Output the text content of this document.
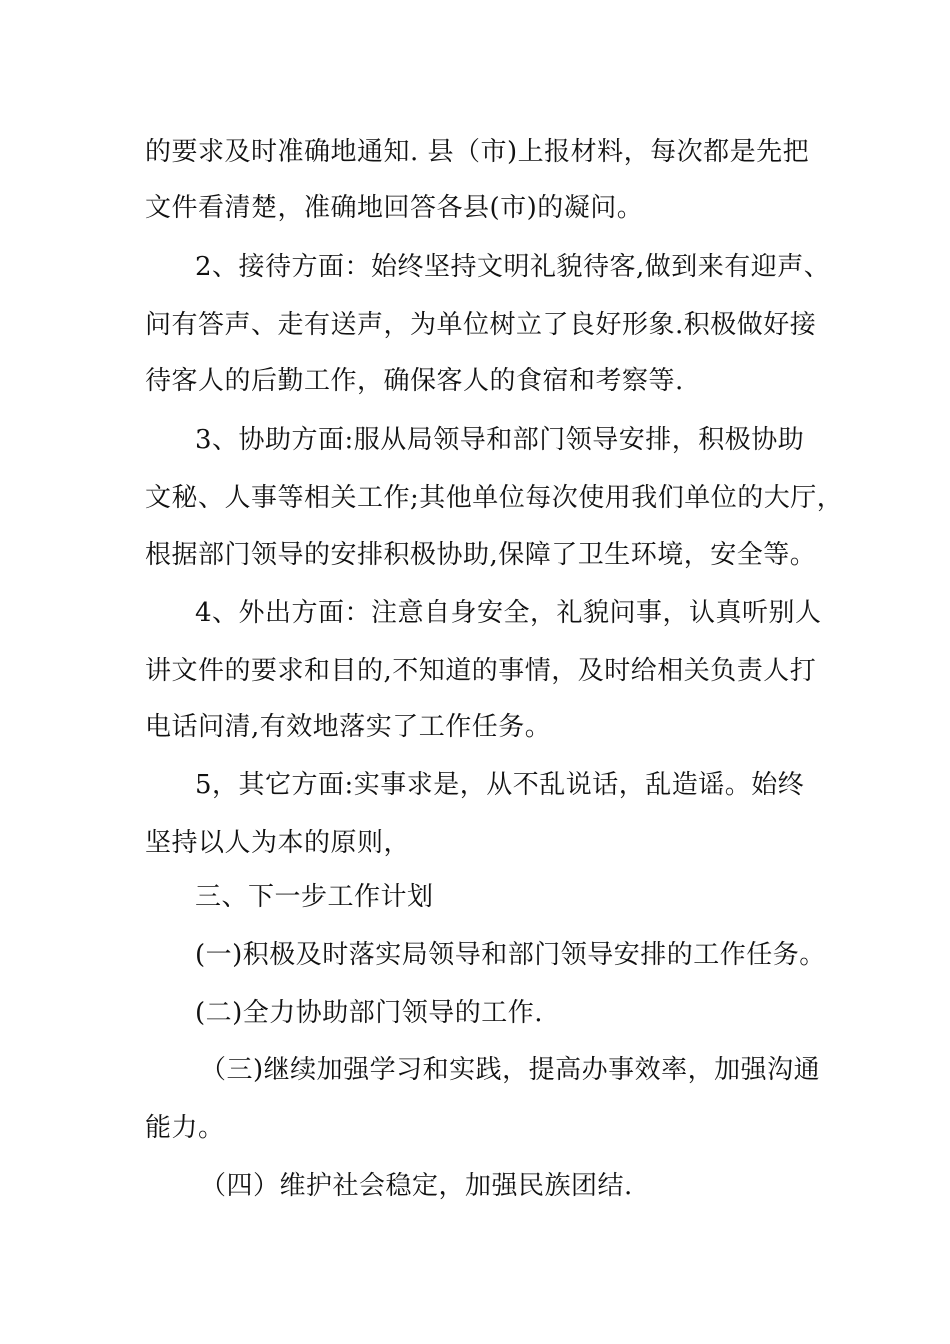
的要求及时准确地通知. 县（市)上报材料，每次都是先把
文件看清楚，准确地回答各县(市)的凝问。
2、接待方面：始终坚持文明礼貌待客,做到来有迎声、
问有答声、走有送声，为单位树立了良好形象.积极做好接
待客人的后勤工作，确保客人的食宿和考察等.
3、协助方面:服从局领导和部门领导安排，积极协助
文秘、人事等相关工作;其他单位每次使用我们单位的大厅，
根据部门领导的安排积极协助,保障了卫生环境，安全等。
4、外出方面：注意自身安全，礼貌问事，认真听别人
讲文件的要求和目的,不知道的事情，及时给相关负责人打
电话问清,有效地落实了工作任务。
5，其它方面:实事求是，从不乱说话，乱造谣。始终
坚持以人为本的原则，
三、下一步工作计划
(一)积极及时落实局领导和部门领导安排的工作任务。
(二)全力协助部门领导的工作.
（三)继续加强学习和实践，提高办事效率，加强沟通
能力。
（四）维护社会稳定，加强民族团结.
